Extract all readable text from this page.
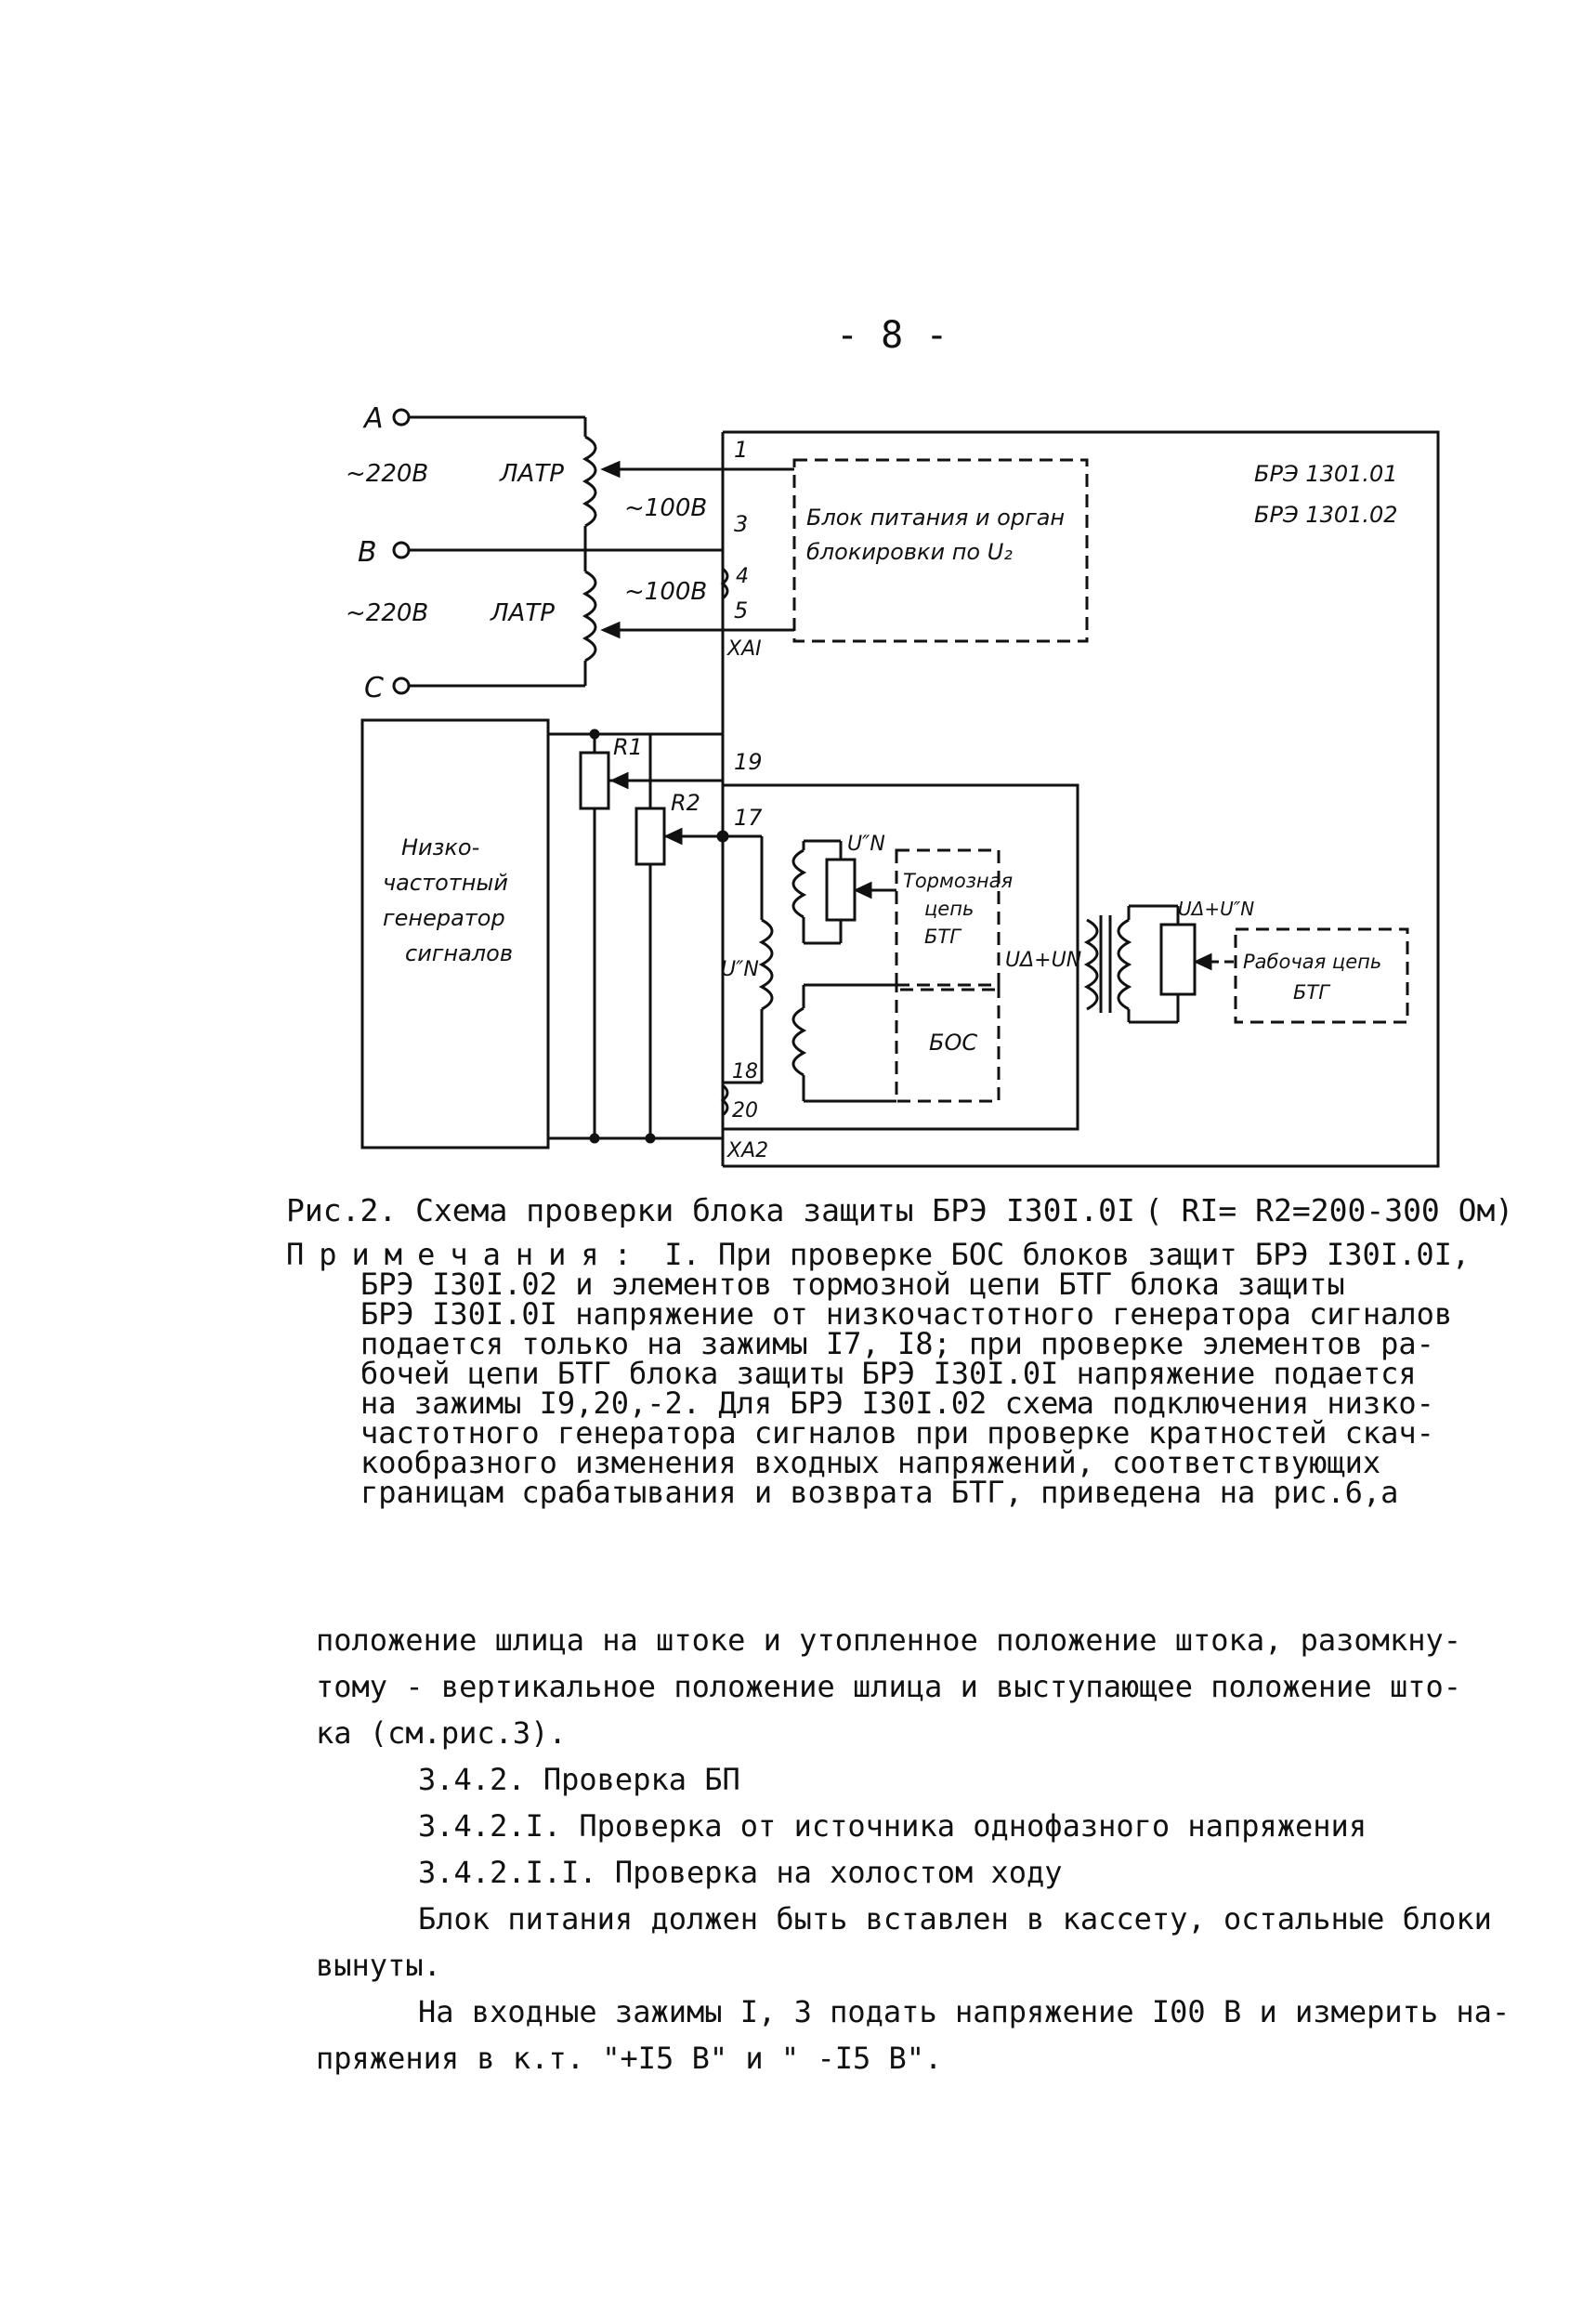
- 8 -
A
B
C
~220В
~220В
ЛАТР
ЛАТР
~100В
~100В
1
3
4
5
XAI
Блок питания и орган
блокировки по U₂
БРЭ 1301.01
БРЭ 1301.02
R1
R2
19
17
18
20
XA2
Низко-
частотный
генератор
сигналов
U″N
U″N
Тормозная
цепь
БТГ
UΔ+UN
UΔ+U″N
Рабочая цепь
БТГ
БОС
Рис.2. Схема проверки блока защиты БРЭ I30I.0I ( RI= R2=200-300 Ом)
Примечания: I. При проверке БОС блоков защит БРЭ I30I.0I,
БРЭ I30I.02 и элементов тормозной цепи БТГ блока защиты
БРЭ I30I.0I напряжение от низкочастотного генератора сигналов
подается только на зажимы I7, I8; при проверке элементов ра-
бочей цепи БТГ блока защиты БРЭ I30I.0I напряжение подается
на зажимы I9,20,-2. Для БРЭ I30I.02 схема подключения низко-
частотного генератора сигналов при проверке кратностей скач-
кообразного изменения входных напряжений, соответствующих
границам срабатывания и возврата БТГ, приведена на рис.6,а

положение шлица на штоке и утопленное положение штока, разомкну-

тому - вертикальное положение шлица и выступающее положение што-

ка (см.рис.3).

3.4.2. Проверка БП

3.4.2.I. Проверка от источника однофазного напряжения

3.4.2.I.I. Проверка на холостом ходу

Блок питания должен быть вставлен в кассету, остальные блоки

вынуты.

На входные зажимы I, 3 подать напряжение I00 В и измерить на-

пряжения в к.т. "+I5 В" и " -I5 В".
